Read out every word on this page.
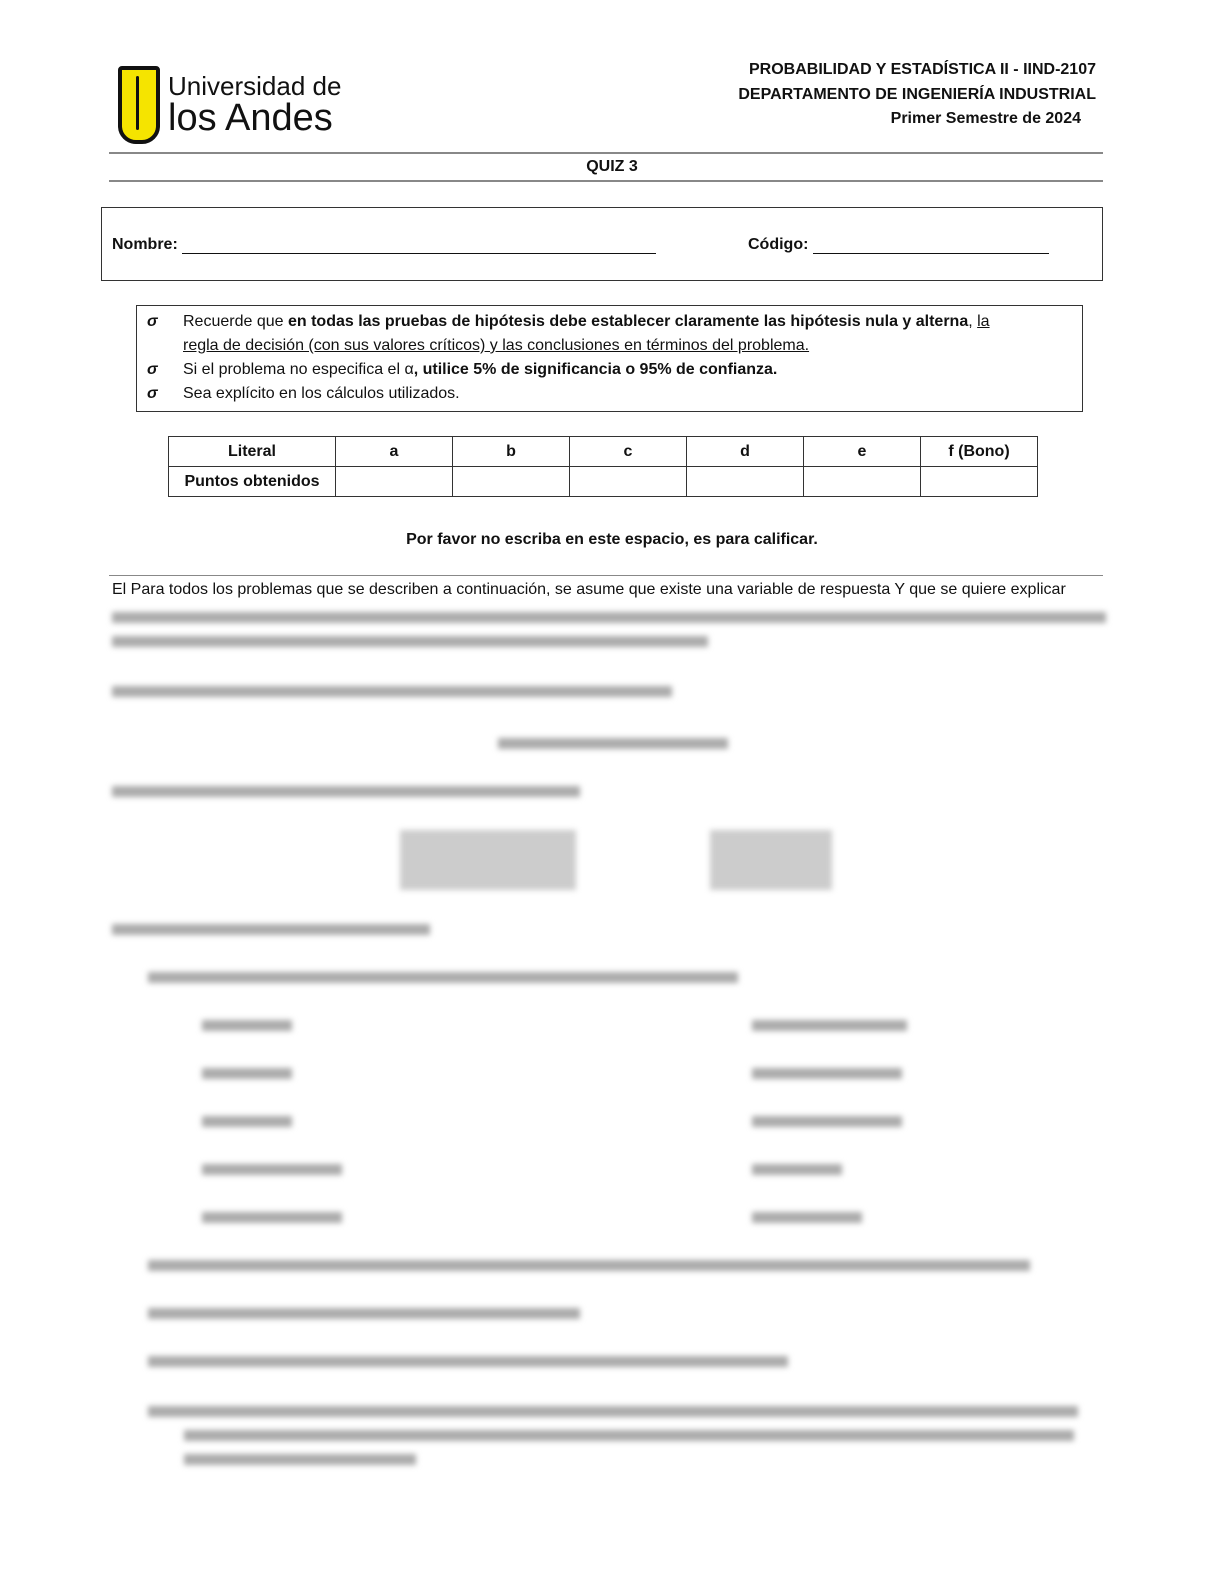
Universidad de
los Andes
PROBABILIDAD Y ESTADÍSTICA II - IIND-2107
DEPARTAMENTO DE INGENIERÍA INDUSTRIAL
Primer Semestre de 2024
QUIZ 3
Nombre:	Código:
σ Recuerde que en todas las pruebas de hipótesis debe establecer claramente las hipótesis nula y alterna, la
regla de decisión (con sus valores críticos) y las conclusiones en términos del problema.
σ Si el problema no especifica el α, utilice 5% de significancia o 95% de confianza.
σ Sea explícito en los cálculos utilizados.
Literal	a	b	c	d	e	f (Bono)
Puntos obtenidos						
Por favor no escriba en este espacio, es para calificar.
El Para todos los problemas que se describen a continuación, se asume que existe una variable de respuesta Y que se quiere explicar
